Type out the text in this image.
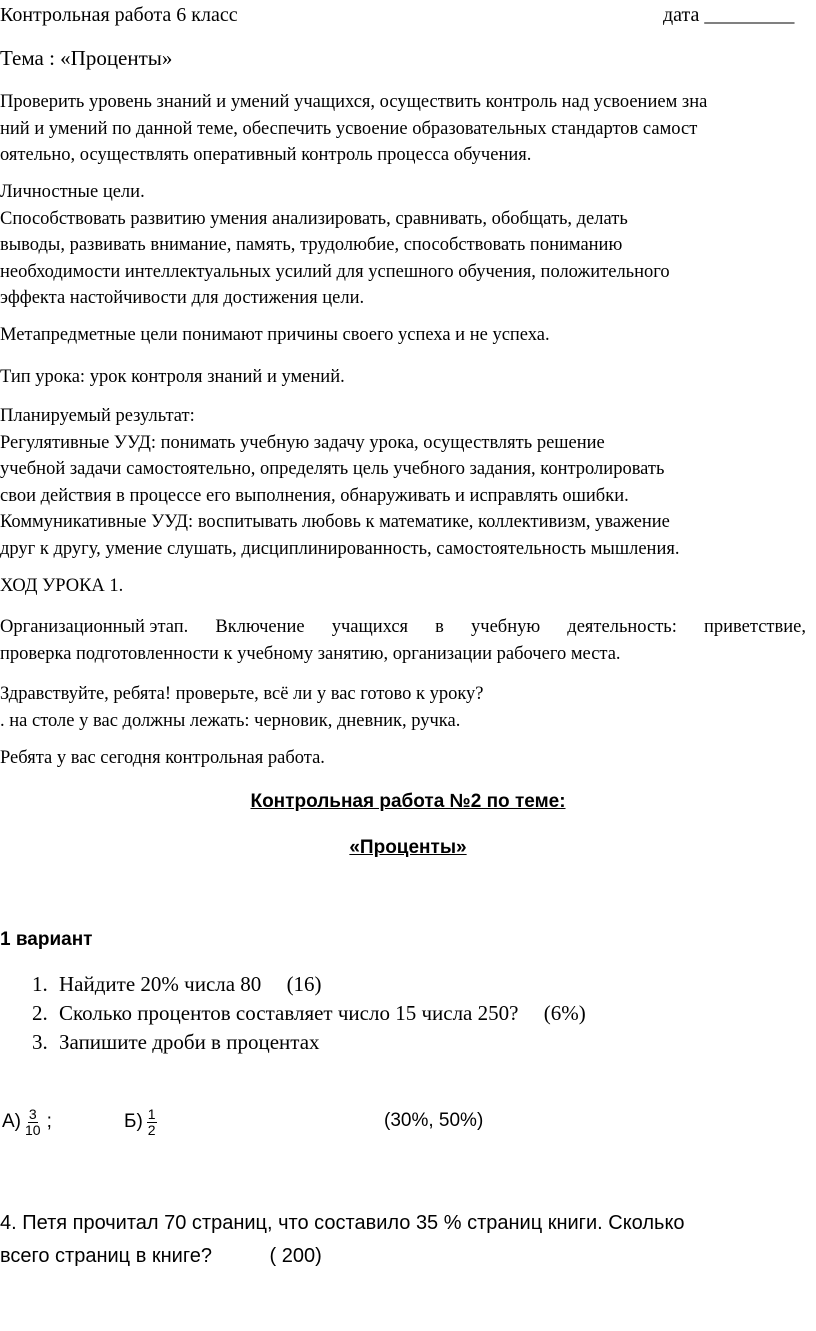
Контрольная работа 6 класс	дата _________
Тема : «Проценты»
Проверить уровень знаний и умений учащихся, осуществить контроль над усвоением зна
ний и умений по данной теме, обеспечить усвоение образовательных стандартов самост
оятельно, осуществлять оперативный контроль процесса обучения.
Личностные цели.
Способствовать развитию умения анализировать, сравнивать, обобщать, делать
выводы, развивать внимание, память, трудолюбие, способствовать пониманию
необходимости интеллектуальных усилий для успешного обучения, положительного
эффекта настойчивости для достижения цели.
Метапредметные цели понимают причины своего успеха и не успеха.
Тип урока: урок контроля знаний и умений.
Планируемый результат:
Регулятивные УУД: понимать учебную задачу урока, осуществлять решение
учебной задачи самостоятельно, определять цель учебного задания, контролировать
свои действия в процессе его выполнения, обнаруживать и исправлять ошибки.
Коммуникативные УУД: воспитывать любовь к математике, коллективизм, уважение
друг к другу, умение слушать, дисциплинированность, самостоятельность мышления.
ХОД УРОКА 1.
Организационный этап. Включение учащихся в учебную деятельность: приветствие,
проверка подготовленности к учебному занятию, организации рабочего места.
Здравствуйте, ребята! проверьте, всё ли у вас готово к уроку?
. на столе у вас должны лежать: черновик, дневник, ручка.
Ребята у вас сегодня контрольная работа.
Контрольная работа №2 по теме:
«Проценты»
1 вариант
1. Найдите 20% числа 80 (16)
2. Сколько процентов составляет число 15 числа 250? (6%)
3. Запишите дроби в процентах
$А) \frac{3}{10}$ ;	$Б) \frac{1}{2}$	(30%, 50%)
4. Петя прочитал 70 страниц, что составило 35 % страниц книги. Сколько
всего страниц в книге?	( 200)
